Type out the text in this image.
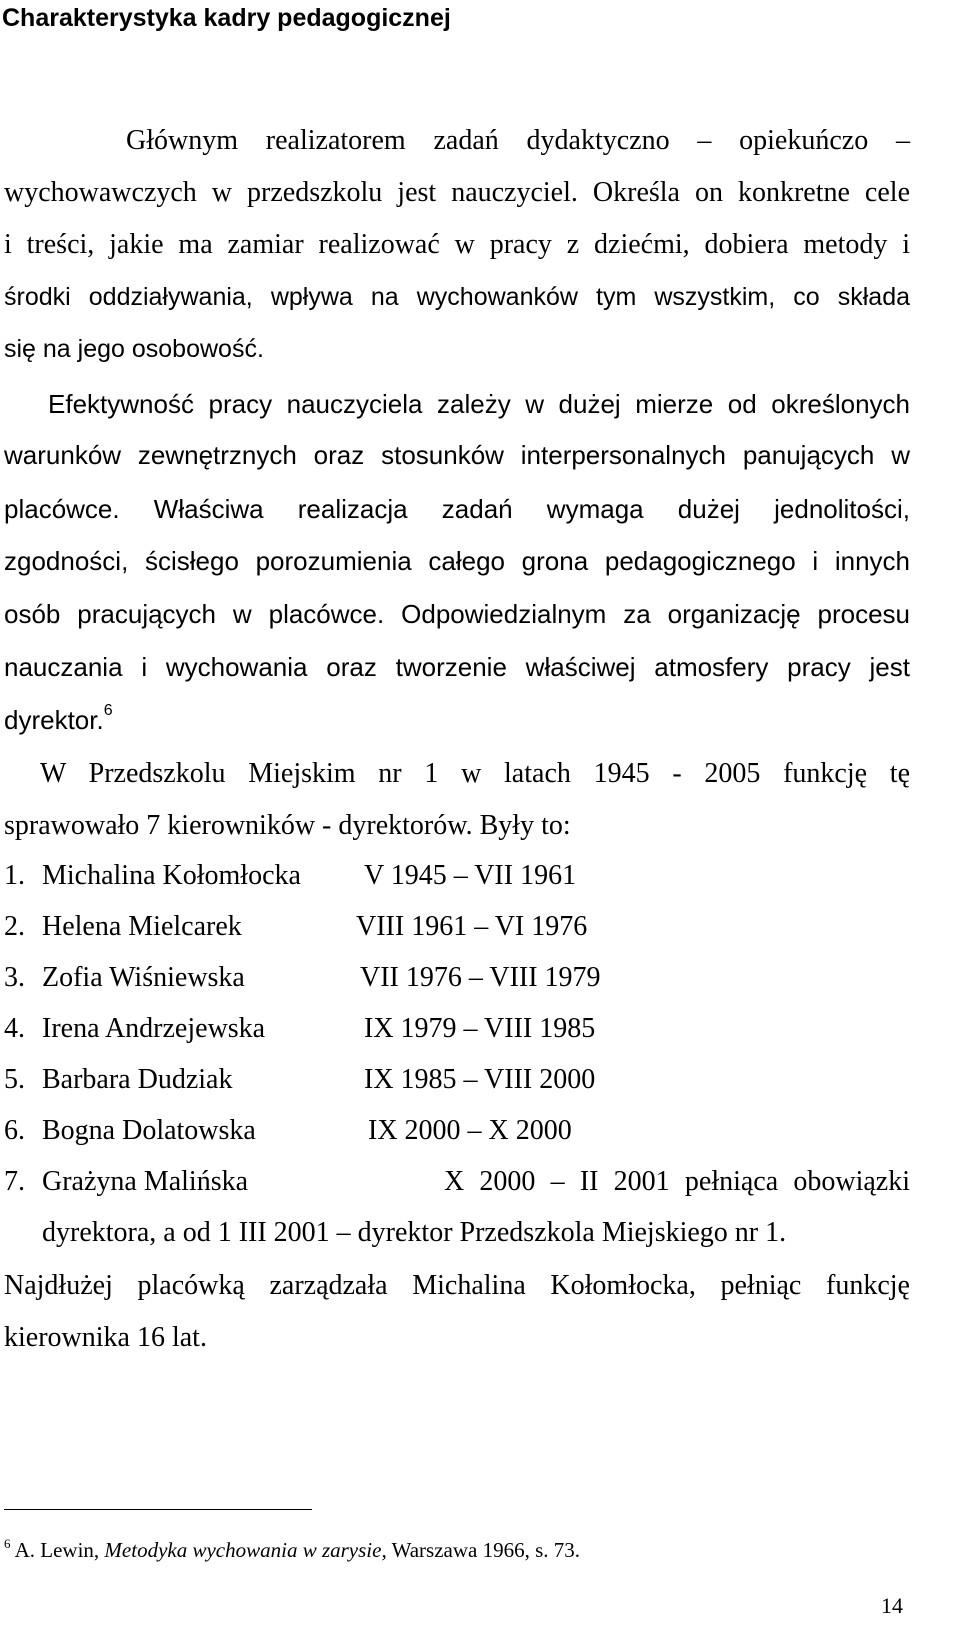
Charakterystyka kadry pedagogicznej
Głównym realizatorem zadań dydaktyczno – opiekuńczo –
wychowawczych w przedszkolu jest nauczyciel. Określa on konkretne cele
i treści, jakie ma zamiar realizować w pracy z dziećmi, dobiera metody i
środki oddziaływania, wpływa na wychowanków tym wszystkim, co składa
się na jego osobowość.
Efektywność pracy nauczyciela zależy w dużej mierze od określonych
warunków zewnętrznych oraz stosunków interpersonalnych panujących w
placówce. Właściwa realizacja zadań wymaga dużej jednolitości,
zgodności, ścisłego porozumienia całego grona pedagogicznego i innych
osób pracujących w placówce. Odpowiedzialnym za organizację procesu
nauczania i wychowania oraz tworzenie właściwej atmosfery pracy jest
dyrektor.$^6$
W Przedszkolu Miejskim nr 1 w latach 1945 - 2005 funkcję tę
sprawowało 7 kierowników - dyrektorów. Były to:
1. Michalina Kołomłocka V 1945 – VII 1961
2. Helena Mielcarek	VIII 1961 – VI 1976
3. Zofia Wiśniewska	VII 1976 – VIII 1979
4. Irena Andrzejewska	IX 1979 – VIII 1985
5. Barbara Dudziak	IX 1985 – VIII 2000
6. Bogna Dolatowska	IX 2000 – X 2000
7. Grażyna Malińska	X 2000 – II 2001 pełniąca obowiązki
dyrektora, a od 1 III 2001 – dyrektor Przedszkola Miejskiego nr 1.
Najdłużej placówką zarządzała Michalina Kołomłocka, pełniąc funkcję
kierownika 16 lat.
$^6$ A. Lewin, Metodyka wychowania w zarysie, Warszawa 1966, s. 73.
14
